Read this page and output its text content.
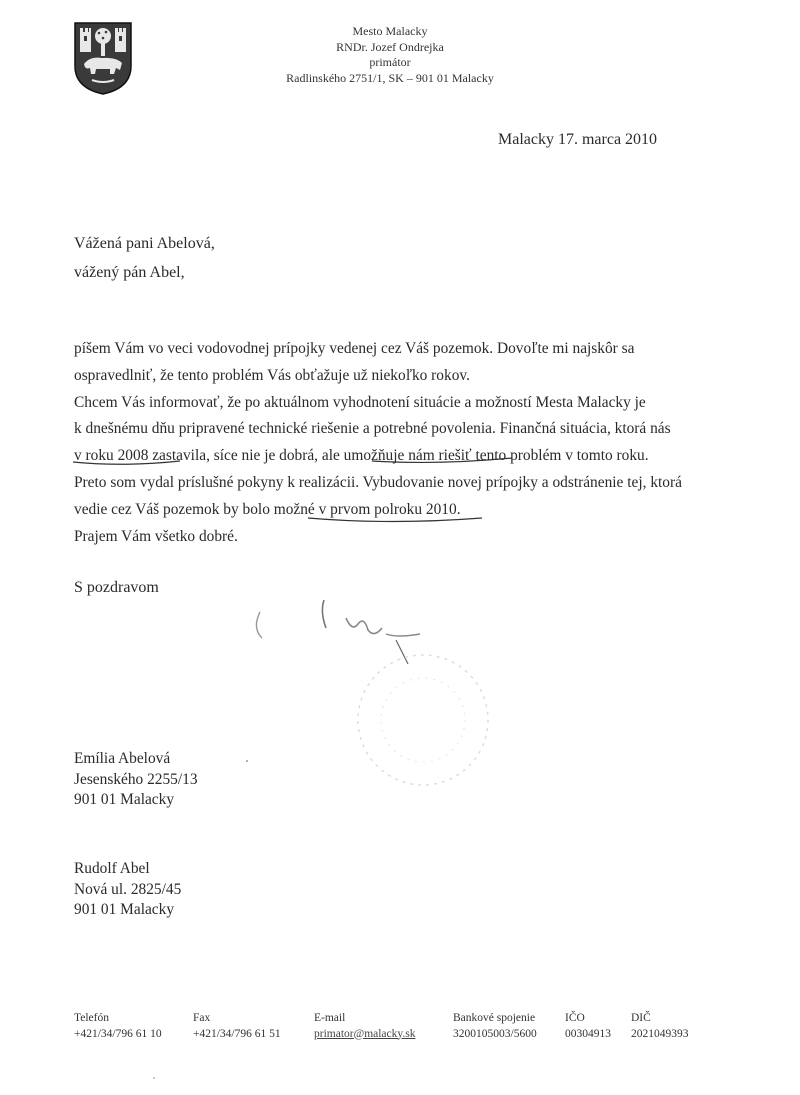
Mesto Malacky
RNDr. Jozef Ondrejka
primátor
Radlinského 2751/1, SK – 901 01 Malacky
Malacky 17. marca 2010
Vážená pani Abelová,
vážený pán Abel,

píšem Vám vo veci vodovodnej prípojky vedenej cez Váš pozemok. Dovoľte mi najskôr sa

ospravedlniť, že tento problém Vás obťažuje už niekoľko rokov.

Chcem Vás informovať, že po aktuálnom vyhodnotení situácie a možností Mesta Malacky je

k dnešnému dňu pripravené technické riešenie a potrebné povolenia. Finančná situácia, ktorá nás

v roku 2008 zastavila, síce nie je dobrá, ale umožňuje nám riešiť tento problém v tomto roku.

Preto som vydal príslušné pokyny k realizácii. Vybudovanie novej prípojky a odstránenie tej, ktorá

vedie cez Váš pozemok by bolo možné v prvom polroku 2010.

Prajem Vám všetko dobré.

S pozdravom
Emília Abelová
Jesenského 2255/13
901 01 Malacky
Rudolf Abel
Nová ul. 2825/45
901 01 Malacky
Telefón
+421/34/796 61 10
Fax
+421/34/796 61 51
E-mail
primator@malacky.sk
Bankové spojenie
3200105003/5600
IČO
00304913
DIČ
2021049393
